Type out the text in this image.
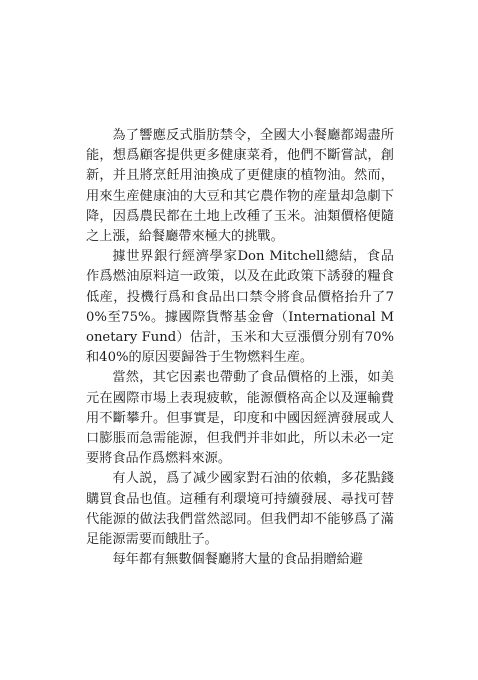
為了響應反式脂肪禁令，全國大小餐廳都竭盡所能，想爲顧客提供更多健康菜肴，他們不斷嘗試，創新，并且將烹飪用油換成了更健康的植物油。然而，用來生産健康油的大豆和其它農作物的産量却急劇下降，因爲農民都在土地上改種了玉米。油類價格便隨之上漲，給餐廳帶來極大的挑戰。

據世界銀行經濟學家Don Mitchell總結，食品作爲燃油原料這一政策，以及在此政策下誘發的糧食低産，投機行爲和食品出口禁令將食品價格抬升了70%至75%。據國際貨幣基金會（International Monetary Fund）估計，玉米和大豆漲價分别有70%和40%的原因要歸咎于生物燃料生産。

當然，其它因素也帶動了食品價格的上漲，如美元在國際市場上表現疲軟，能源價格高企以及運輸費用不斷攀升。但事實是，印度和中國因經濟發展或人口膨脹而急需能源，但我們并非如此，所以未必一定要將食品作爲燃料來源。

有人説，爲了减少國家對石油的依賴，多花點錢購買食品也值。這種有利環境可持續發展、尋找可替代能源的做法我們當然認同。但我們却不能够爲了滿足能源需要而餓肚子。

每年都有無數個餐廳將大量的食品捐贈給避
